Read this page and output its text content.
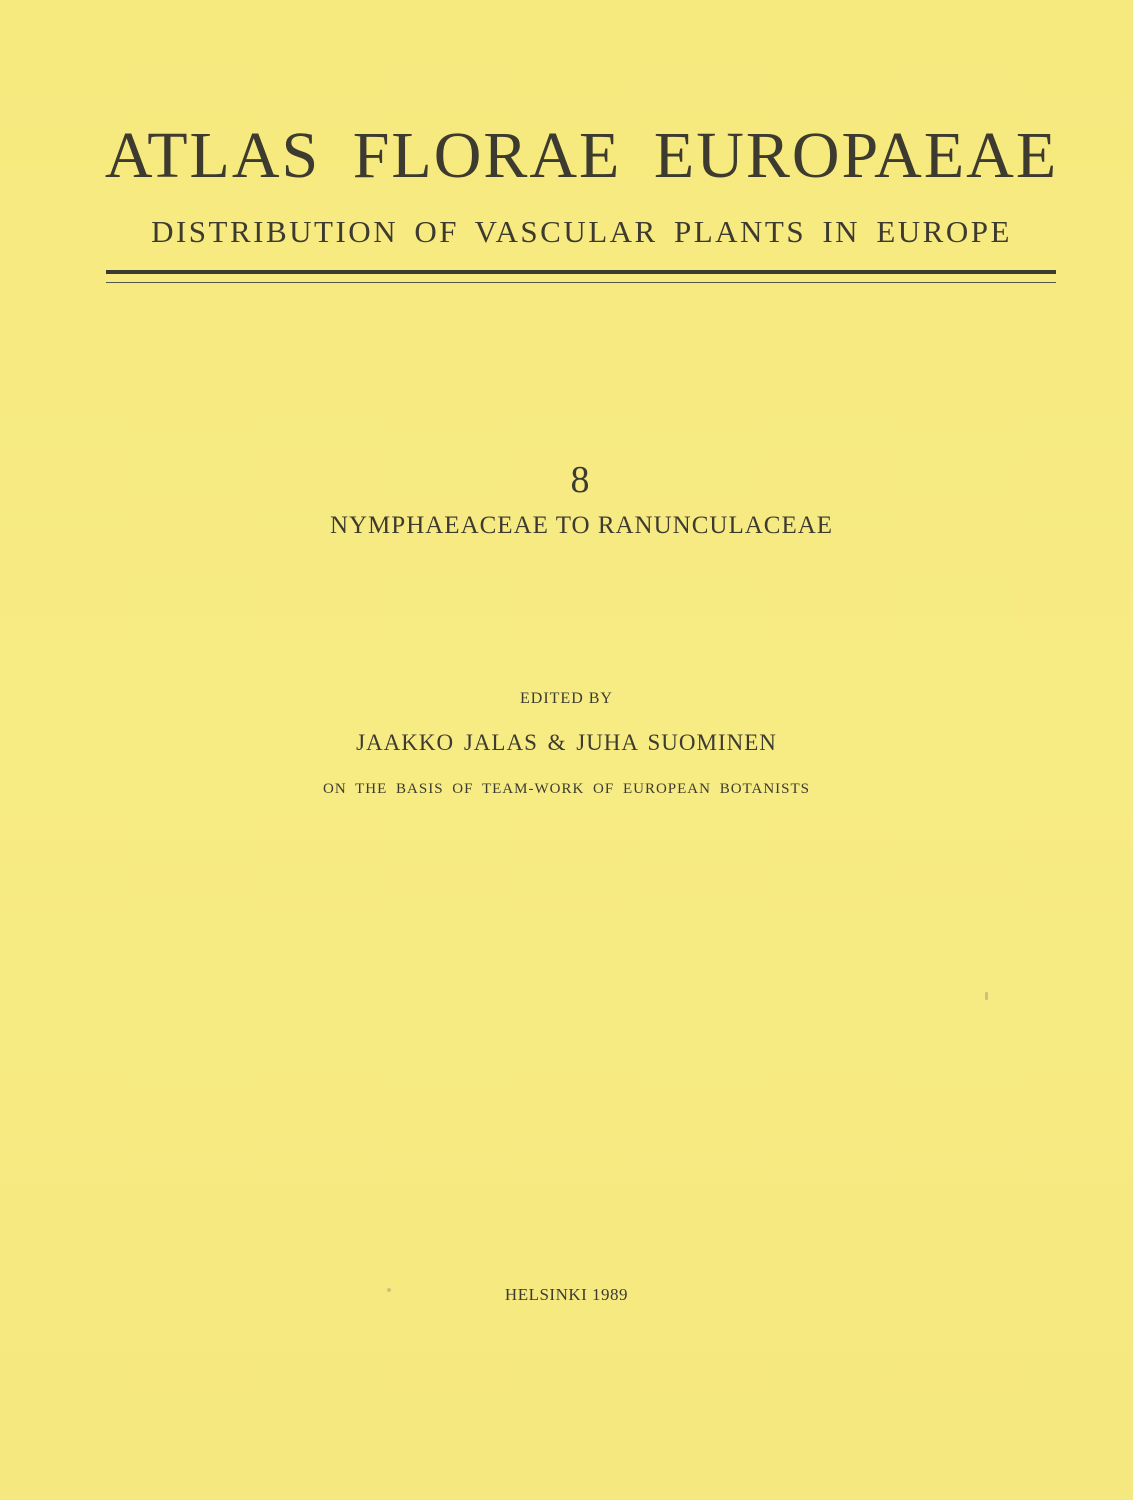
ATLAS FLORAE EUROPAEAE
DISTRIBUTION OF VASCULAR PLANTS IN EUROPE
8
NYMPHAEACEAE TO RANUNCULACEAE
EDITED BY
JAAKKO JALAS & JUHA SUOMINEN
ON THE BASIS OF TEAM-WORK OF EUROPEAN BOTANISTS
HELSINKI 1989
